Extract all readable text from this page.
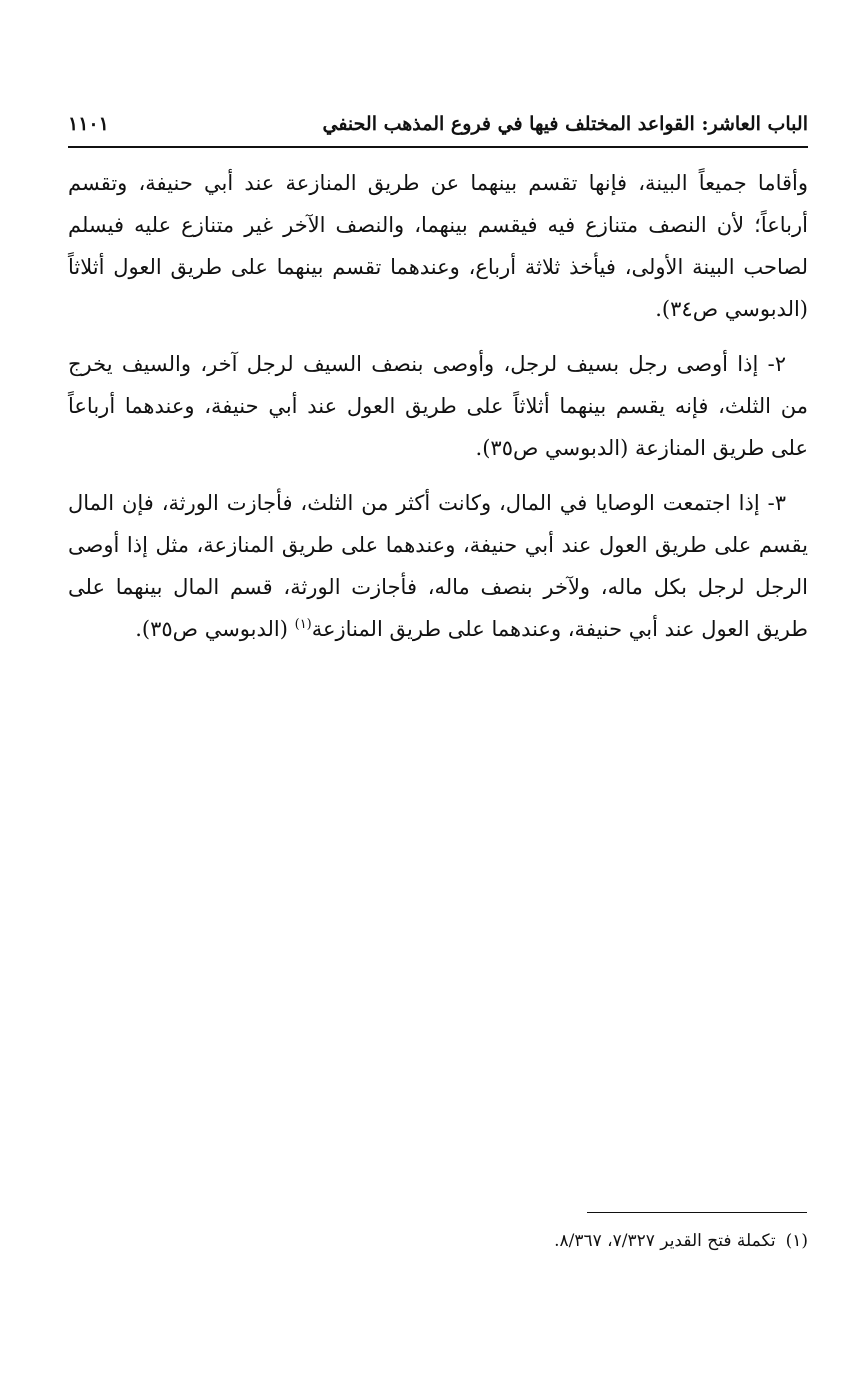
الباب العاشر: القواعد المختلف فيها في فروع المذهب الحنفي
١١٠١

وأقاما جميعاً البينة، فإنها تقسم بينهما عن طريق المنازعة عند أبي حنيفة، وتقسم أرباعاً؛ لأن النصف متنازع فيه فيقسم بينهما، والنصف الآخر غير متنازع عليه فيسلم لصاحب البينة الأولى، فيأخذ ثلاثة أرباع، وعندهما تقسم بينهما على طريق العول أثلاثاً (الدبوسي ص٣٤).

٢- إذا أوصى رجل بسيف لرجل، وأوصى بنصف السيف لرجل آخر، والسيف يخرج من الثلث، فإنه يقسم بينهما أثلاثاً على طريق العول عند أبي حنيفة، وعندهما أرباعاً على طريق المنازعة (الدبوسي ص٣٥).

٣- إذا اجتمعت الوصايا في المال، وكانت أكثر من الثلث، فأجازت الورثة، فإن المال يقسم على طريق العول عند أبي حنيفة، وعندهما على طريق المنازعة، مثل إذا أوصى الرجل لرجل بكل ماله، ولآخر بنصف ماله، فأجازت الورثة، قسم المال بينهما على طريق العول عند أبي حنيفة، وعندهما على طريق المنازعة$^{(١)}$ (الدبوسي ص٣٥).

(١)تكملة فتح القدير ٧/٣٢٧، ٨/٣٦٧.
